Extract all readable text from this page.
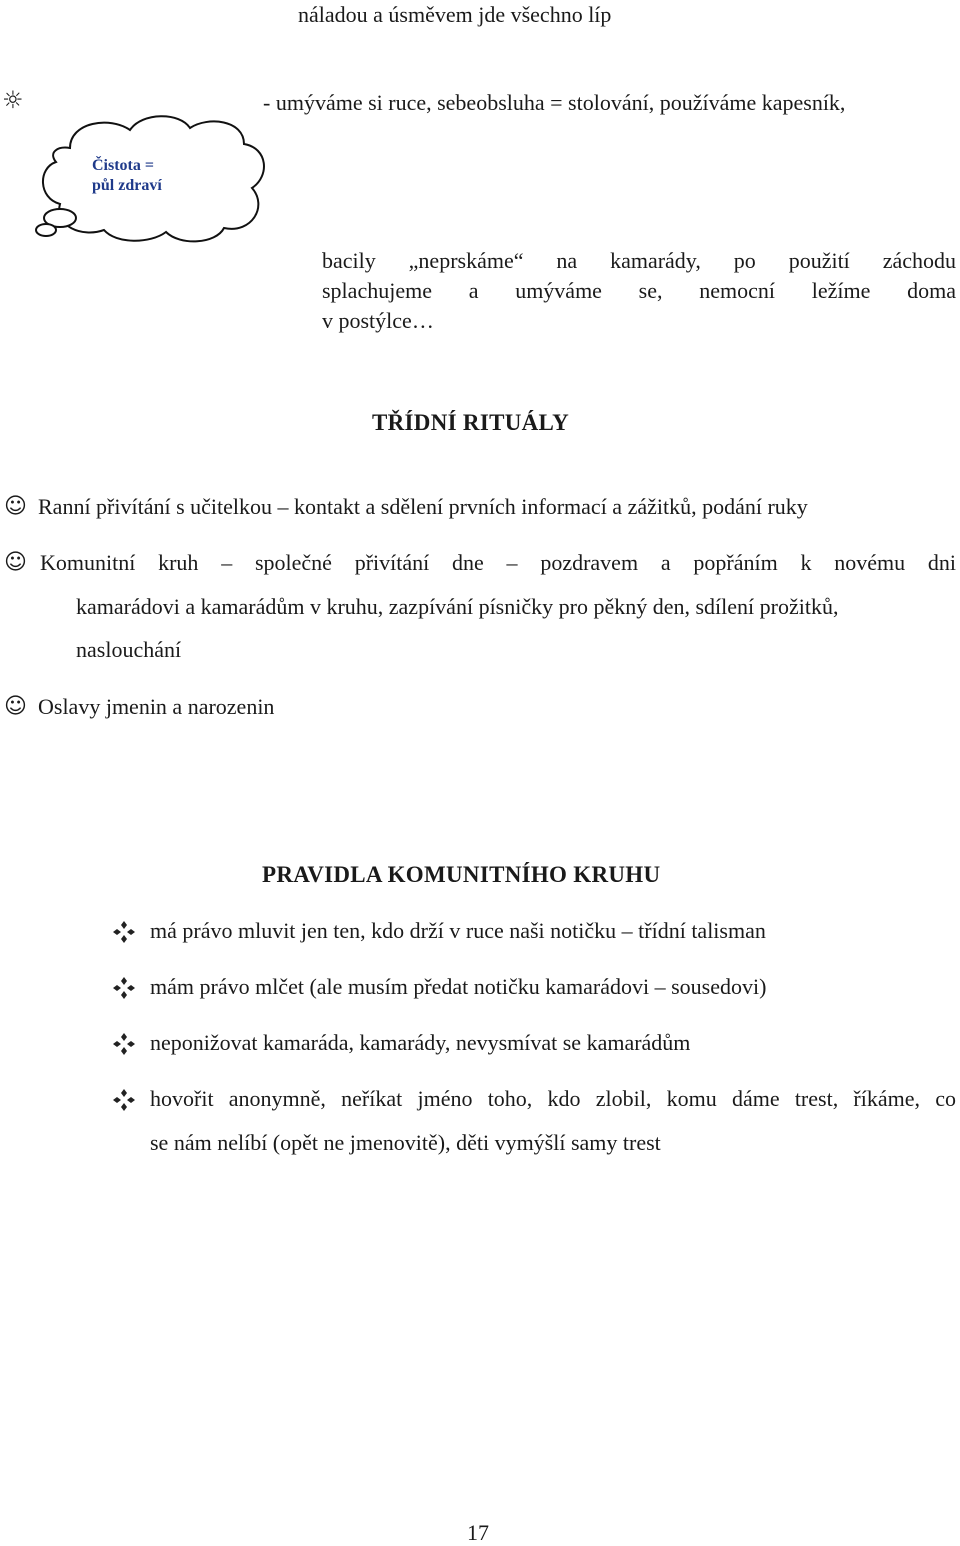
náladou a úsměvem jde všechno líp
☼	- umýváme si ruce, sebeobsluha = stolování, používáme kapesník,
Čistota =
půl zdraví
bacily „neprskáme“ na kamarády, po použití záchodu
splachujeme a umýváme se, nemocní ležíme doma
v postýlce…
TŘÍDNÍ RITUÁLY
☺ Ranní přivítání s učitelkou – kontakt a sdělení prvních informací a zážitků, podání ruky
☺ Komunitní kruh – společné přivítání dne – pozdravem a popřáním k novému dni
kamarádovi a kamarádům v kruhu, zazpívání písničky pro pěkný den, sdílení prožitků,
naslouchání
☺ Oslavy jmenin a narozenin
PRAVIDLA KOMUNITNÍHO KRUHU
má právo mluvit jen ten, kdo drží v ruce naši notičku – třídní talisman
mám právo mlčet (ale musím předat notičku kamarádovi – sousedovi)
neponižovat kamaráda, kamarády, nevysmívat se kamarádům
hovořit anonymně, neříkat jméno toho, kdo zlobil, komu dáme trest, říkáme, co
se nám nelíbí (opět ne jmenovitě), děti vymýšlí samy trest
17
